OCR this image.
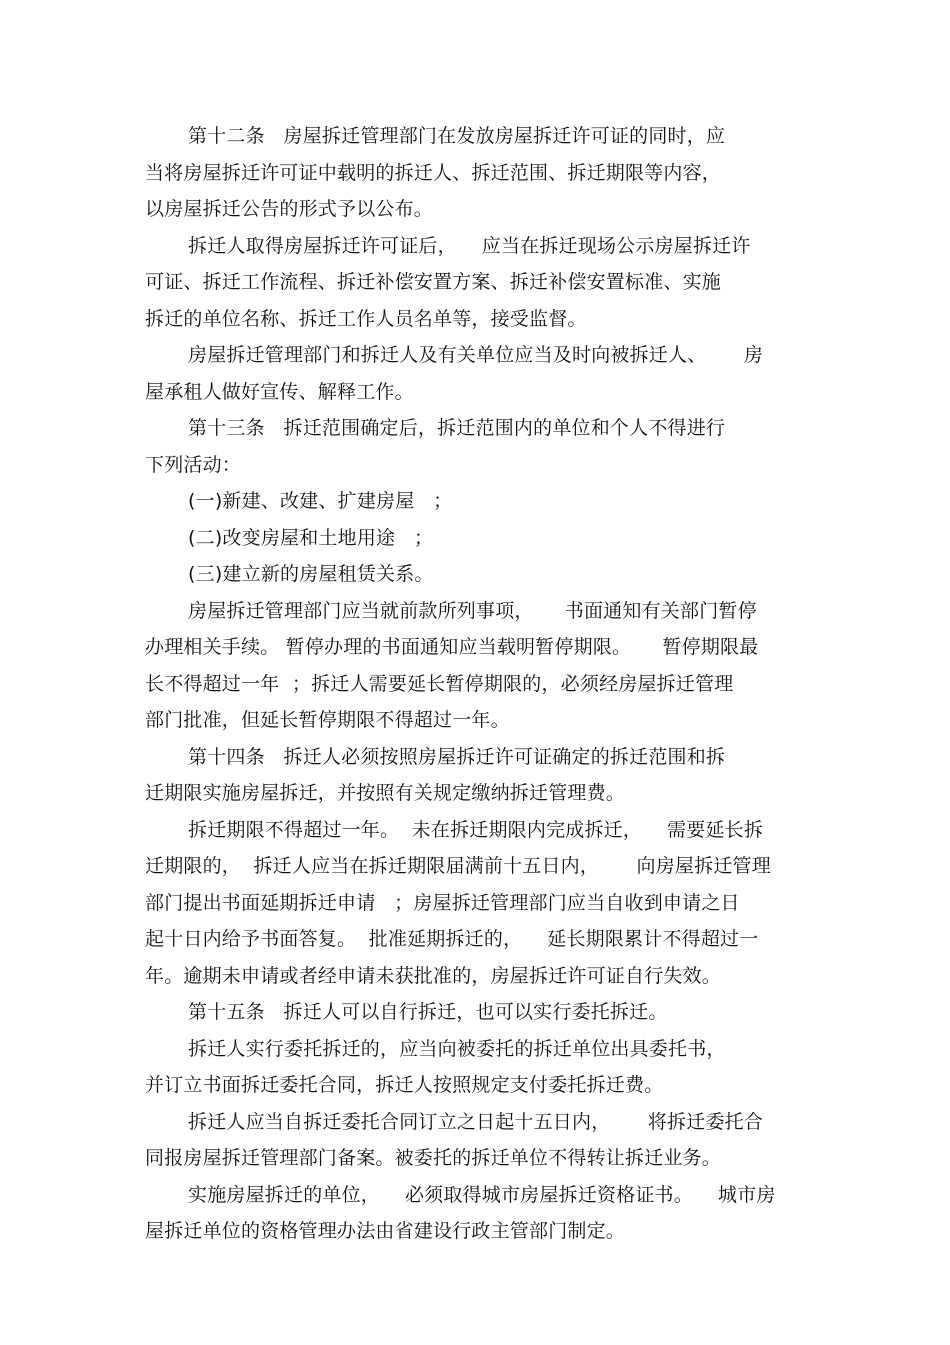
第十二条   房屋拆迁管理部门在发放房屋拆迁许可证的同时，应
当将房屋拆迁许可证中载明的拆迁人、拆迁范围、拆迁期限等内容，
以房屋拆迁公告的形式予以公布。
拆迁人取得房屋拆迁许可证后，    应当在拆迁现场公示房屋拆迁许
可证、拆迁工作流程、拆迁补偿安置方案、拆迁补偿安置标准、实施
拆迁的单位名称、拆迁工作人员名单等，接受监督。
房屋拆迁管理部门和拆迁人及有关单位应当及时向被拆迁人、      房
屋承租人做好宣传、解释工作。
第十三条   拆迁范围确定后，拆迁范围内的单位和个人不得进行
下列活动：
(一)新建、改建、扩建房屋   ；
(二)改变房屋和土地用途   ；
(三)建立新的房屋租赁关系。
房屋拆迁管理部门应当就前款所列事项，     书面通知有关部门暂停
办理相关手续。 暂停办理的书面通知应当载明暂停期限。     暂停期限最
长不得超过一年  ；拆迁人需要延长暂停期限的，必须经房屋拆迁管理
部门批准，但延长暂停期限不得超过一年。
第十四条   拆迁人必须按照房屋拆迁许可证确定的拆迁范围和拆
迁期限实施房屋拆迁，并按照有关规定缴纳拆迁管理费。
拆迁期限不得超过一年。  未在拆迁期限内完成拆迁，    需要延长拆
迁期限的，  拆迁人应当在拆迁期限届满前十五日内，      向房屋拆迁管理
部门提出书面延期拆迁申请   ；房屋拆迁管理部门应当自收到申请之日
起十日内给予书面答复。  批准延期拆迁的，    延长期限累计不得超过一
年。逾期未申请或者经申请未获批准的，房屋拆迁许可证自行失效。
第十五条   拆迁人可以自行拆迁，也可以实行委托拆迁。
拆迁人实行委托拆迁的，应当向被委托的拆迁单位出具委托书，
并订立书面拆迁委托合同，拆迁人按照规定支付委托拆迁费。
拆迁人应当自拆迁委托合同订立之日起十五日内，      将拆迁委托合
同报房屋拆迁管理部门备案。被委托的拆迁单位不得转让拆迁业务。
实施房屋拆迁的单位，    必须取得城市房屋拆迁资格证书。    城市房
屋拆迁单位的资格管理办法由省建设行政主管部门制定。
